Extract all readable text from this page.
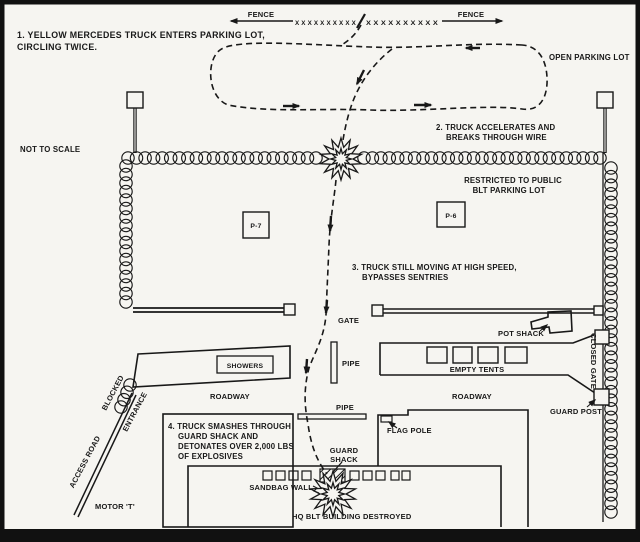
P-7
P-6
FENCE	FENCE
X X X X X X X X X X X X X X X X X X X X
1. YELLOW MERCEDES TRUCK ENTERS PARKING LOT,
CIRCLING TWICE.
OPEN PARKING LOT
2. TRUCK ACCELERATES AND
BREAKS THROUGH WIRE
NOT TO SCALE
RESTRICTED TO PUBLIC
BLT PARKING LOT
3. TRUCK STILL MOVING AT HIGH SPEED,
BYPASSES SENTRIES
GATE
POT SHACK	CLOSED GATE
GUARD POST
SHOWERS
ROADWAY	ROADWAY
PIPE
PIPE
EMPTY TENTS
FLAG POLE
BLOCKED
ENTRANCE
ACCESS ROAD
MOTOR 'T'
4. TRUCK SMASHES THROUGH
GUARD SHACK AND
DETONATES OVER 2,000 LBS
OF EXPLOSIVES
GUARD
SHACK
SANDBAG WALL
HQ BLT BUILDING DESTROYED
